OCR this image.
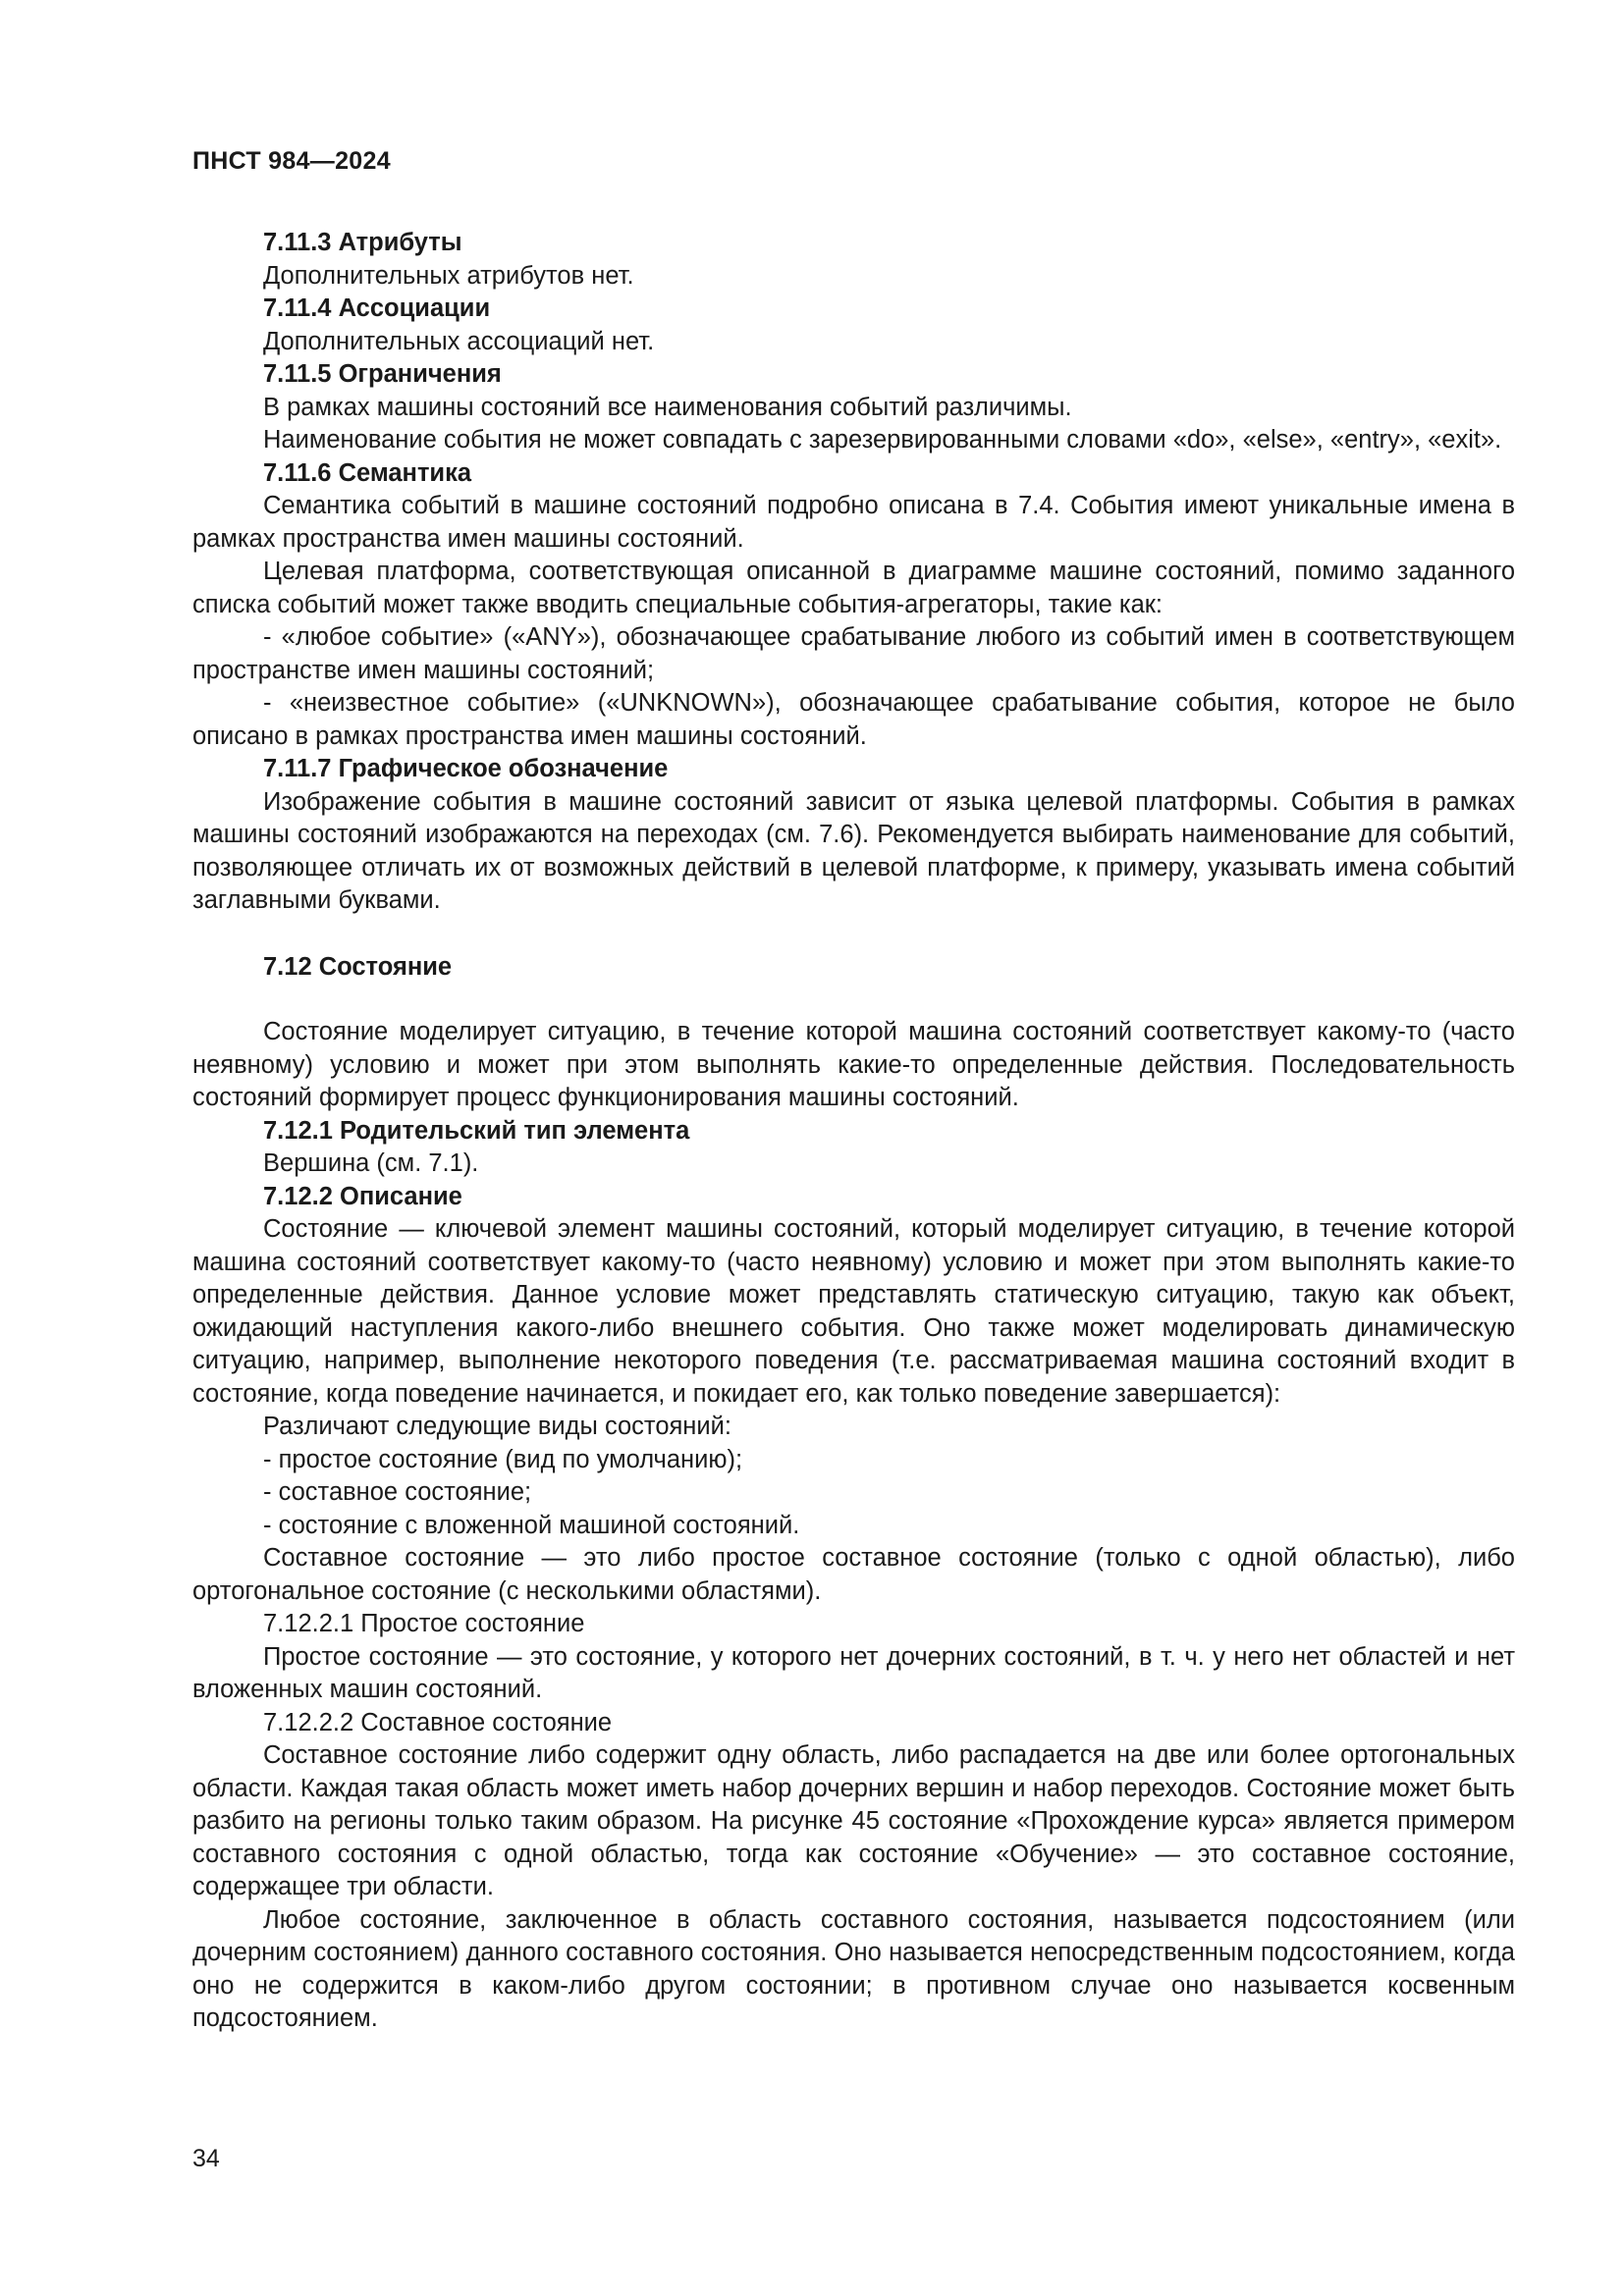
ПНСТ 984—2024

7.11.3 Атрибуты

Дополнительных атрибутов нет.

7.11.4 Ассоциации

Дополнительных ассоциаций нет.

7.11.5 Ограничения

В рамках машины состояний все наименования событий различимы.

Наименование события не может совпадать с зарезервированными словами «do», «else», «entry», «exit».

7.11.6 Семантика

Семантика событий в машине состояний подробно описана в 7.4. События имеют уникальные имена в рамках пространства имен машины состояний.

Целевая платформа, соответствующая описанной в диаграмме машине состояний, помимо заданного списка событий может также вводить специальные события-агрегаторы, такие как:

- «любое событие» («ANY»), обозначающее срабатывание любого из событий имен в соответствующем пространстве имен машины состояний;

- «неизвестное событие» («UNKNOWN»), обозначающее срабатывание события, которое не было описано в рамках пространства имен машины состояний.

7.11.7 Графическое обозначение

Изображение события в машине состояний зависит от языка целевой платформы. События в рамках машины состояний изображаются на переходах (см. 7.6). Рекомендуется выбирать наименование для событий, позволяющее отличать их от возможных действий в целевой платформе, к примеру, указывать имена событий заглавными буквами.

7.12 Состояние

Состояние моделирует ситуацию, в течение которой машина состояний соответствует какому-то (часто неявному) условию и может при этом выполнять какие-то определенные действия. Последовательность состояний формирует процесс функционирования машины состояний.

7.12.1 Родительский тип элемента

Вершина (см. 7.1).

7.12.2 Описание

Состояние — ключевой элемент машины состояний, который моделирует ситуацию, в течение которой машина состояний соответствует какому-то (часто неявному) условию и может при этом выполнять какие-то определенные действия. Данное условие может представлять статическую ситуацию, такую как объект, ожидающий наступления какого-либо внешнего события. Оно также может моделировать динамическую ситуацию, например, выполнение некоторого поведения (т.е. рассматриваемая машина состояний входит в состояние, когда поведение начинается, и покидает его, как только поведение завершается):

Различают следующие виды состояний:

- простое состояние (вид по умолчанию);

- составное состояние;

- состояние с вложенной машиной состояний.

Составное состояние — это либо простое составное состояние (только с одной областью), либо ортогональное состояние (с несколькими областями).

7.12.2.1 Простое состояние

Простое состояние — это состояние, у которого нет дочерних состояний, в т. ч. у него нет областей и нет вложенных машин состояний.

7.12.2.2 Составное состояние

Составное состояние либо содержит одну область, либо распадается на две или более ортогональных области. Каждая такая область может иметь набор дочерних вершин и набор переходов. Состояние может быть разбито на регионы только таким образом. На рисунке 45 состояние «Прохождение курса» является примером составного состояния с одной областью, тогда как состояние «Обучение» — это составное состояние, содержащее три области.

Любое состояние, заключенное в область составного состояния, называется подсостоянием (или дочерним состоянием) данного составного состояния. Оно называется непосредственным подсостоянием, когда оно не содержится в каком-либо другом состоянии; в противном случае оно называется косвенным подсостоянием.

34
